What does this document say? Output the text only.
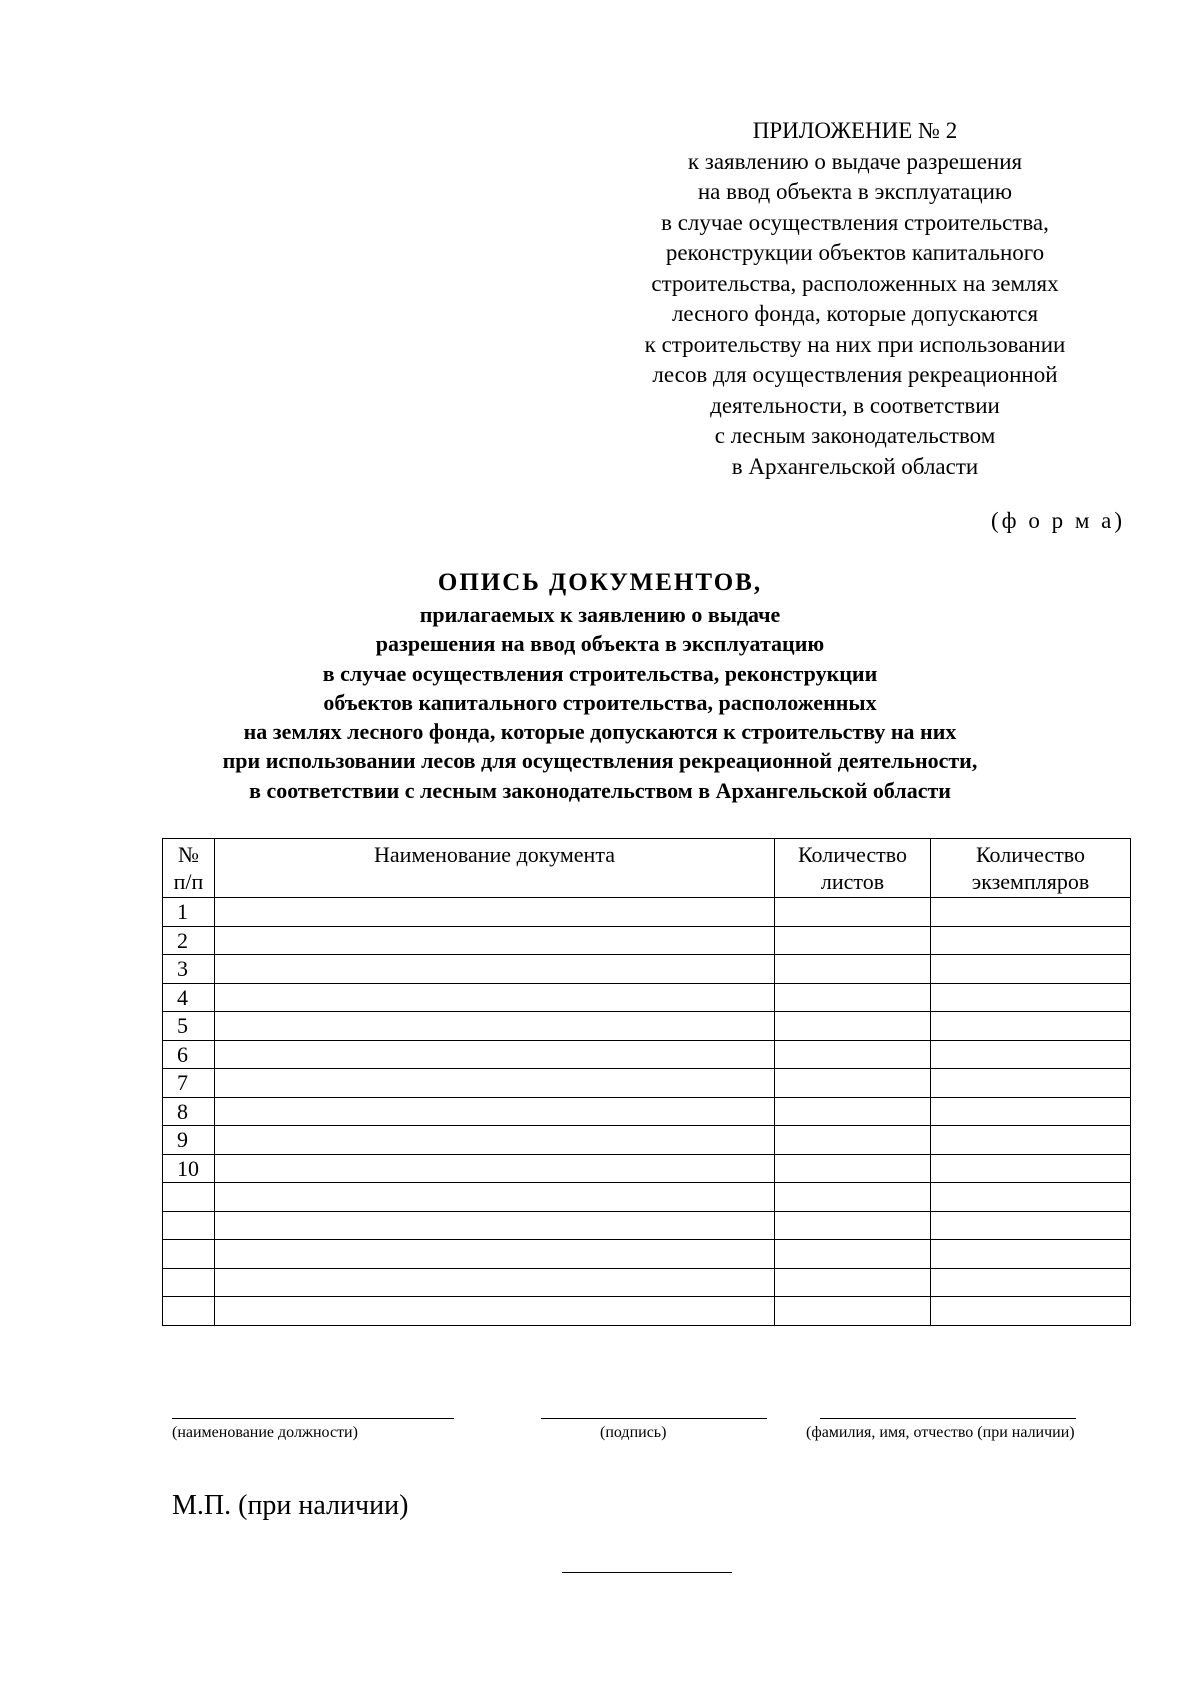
ПРИЛОЖЕНИЕ № 2
к заявлению о выдаче разрешения
на ввод объекта в эксплуатацию
в случае осуществления строительства,
реконструкции объектов капитального
строительства, расположенных на землях
лесного фонда, которые допускаются
к строительству на них при использовании
лесов для осуществления рекреационной
деятельности, в соответствии
с лесным законодательством
в Архангельской области
(ф о р м а)
ОПИСЬ ДОКУМЕНТОВ,
прилагаемых к заявлению о выдаче
разрешения на ввод объекта в эксплуатацию
в случае осуществления строительства, реконструкции
объектов капитального строительства, расположенных
на землях лесного фонда, которые допускаются к строительству на них
при использовании лесов для осуществления рекреационной деятельности,
в соответствии с лесным законодательством в Архангельской области
№ п/п	Наименование документа	Количество листов	Количество экземпляров
1			
2			
3			
4			
5			
6			
7			
8			
9			
10			

(наименование должности)	(подпись)	(фамилия, имя, отчество (при наличии)
М.П. (при наличии)
